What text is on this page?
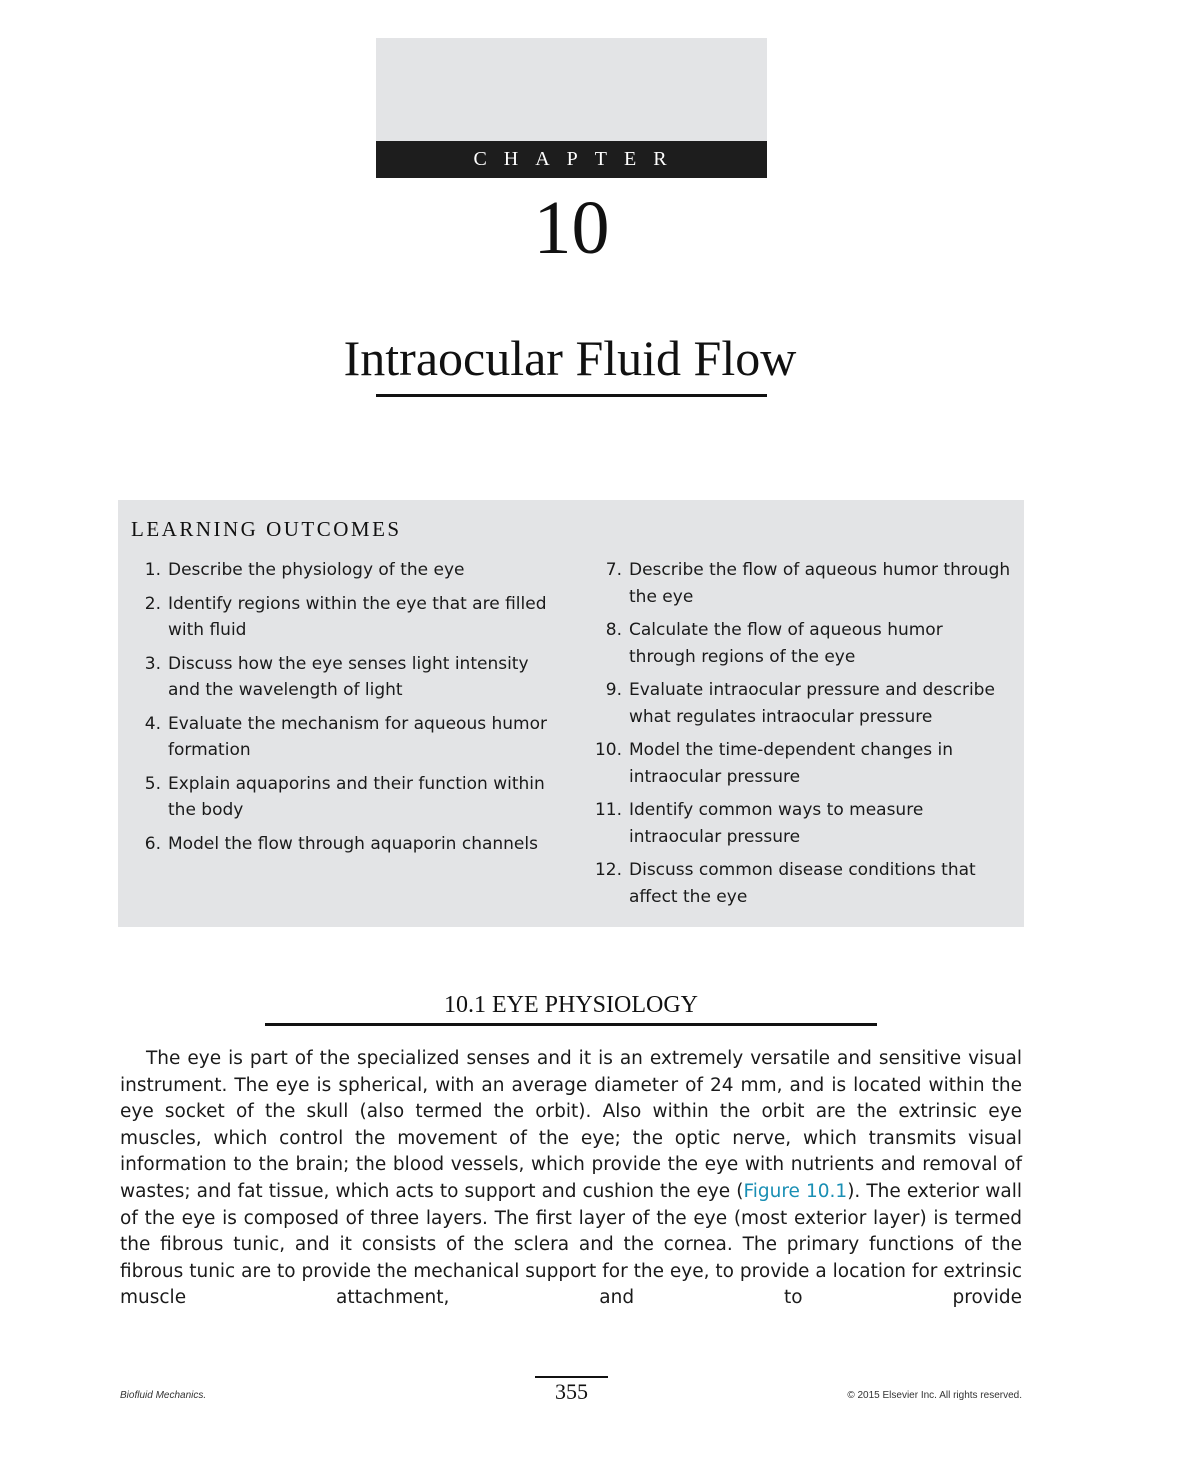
CHAPTER
10
Intraocular Fluid Flow
LEARNING OUTCOMES
1. Describe the physiology of the eye
2. Identify regions within the eye that are filled with fluid
3. Discuss how the eye senses light intensity and the wavelength of light
4. Evaluate the mechanism for aqueous humor formation
5. Explain aquaporins and their function within the body
6. Model the flow through aquaporin channels
7. Describe the flow of aqueous humor through the eye
8. Calculate the flow of aqueous humor through regions of the eye
9. Evaluate intraocular pressure and describe what regulates intraocular pressure
10. Model the time-dependent changes in intraocular pressure
11. Identify common ways to measure intraocular pressure
12. Discuss common disease conditions that affect the eye
10.1 EYE PHYSIOLOGY

The eye is part of the specialized senses and it is an extremely versatile and sensitive visual instrument. The eye is spherical, with an average diameter of 24 mm, and is located within the eye socket of the skull (also termed the orbit). Also within the orbit are the extrinsic eye muscles, which control the movement of the eye; the optic nerve, which transmits visual information to the brain; the blood vessels, which provide the eye with nutrients and removal of wastes; and fat tissue, which acts to support and cushion the eye (Figure 10.1). The exterior wall of the eye is composed of three layers. The first layer of the eye (most exterior layer) is termed the fibrous tunic, and it consists of the sclera and the cornea. The primary functions of the fibrous tunic are to provide the mechanical support for the eye, to provide a location for extrinsic muscle attachment, and to provide

355
Biofluid Mechanics.	© 2015 Elsevier Inc. All rights reserved.
